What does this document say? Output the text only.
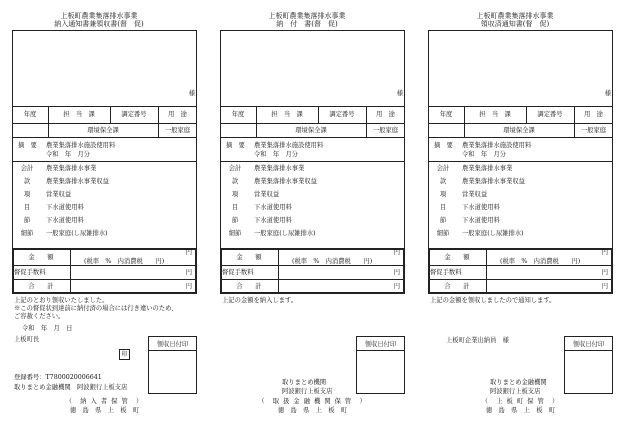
上板町農業集落排水事業
納入通知書兼領収書(督　促)
様
年度	担　当　課	調定番号	用　途
環境保全課	一般家庭
摘　要 農業集落排水施設使用料
令和　年　月分
会計	農業集落排水事業
款	農業集落排水事業収益
項	営業収益
目	下水道使用料
節	下水道使用料
細節	一般家庭(し尿雑排水)
金　　額
円
(税率　%　内消費税　　円)
督促手数料	円
合　　計	円
上記のとおり領収いたしました。
※この督促状到達前に納付済の場合には行き違いのため、
ご容赦ください。
令和　年　月　日
上板町長
領収日付印
（　納 入 者 保 管　）
徳　島　県　上　板　町
印
登録番号：T7800020006641
取りまとめ金融機関　阿波銀行上板支店
上板町農業集落排水事業
納　付　書(督　促)
様
年度	担　当　課	調定番号	用　途
環境保全課	一般家庭
摘　要 農業集落排水施設使用料
令和　年　月分
会計	農業集落排水事業
款	農業集落排水事業収益
項	営業収益
目	下水道使用料
節	下水道使用料
細節	一般家庭(し尿雑排水)
金　　額
円
(税率　%　内消費税　　円)
督促手数料	円
合　　計	円
上記の金額を納入します。
領収日付印
（　取 扱 金 融 機 関 保 管　）
徳　島　県　上　板　町
取りまとめ機関
阿波銀行上板支店
上板町農業集落排水事業
領収済通知書(督　促)
様
年度	担　当　課	調定番号	用　途
環境保全課	一般家庭
摘　要 農業集落排水施設使用料
令和　年　月分
会計	農業集落排水事業
款	農業集落排水事業収益
項	営業収益
目	下水道使用料
節	下水道使用料
細節	一般家庭(し尿雑排水)
金　　額
円
(税率　%　内消費税　　円)
督促手数料	円
合　　計	円
上記の金額を領収しましたので通知します。
領収日付印
（　上 板 町 保 管　）
徳　島　県　上　板　町
取りまとめ金融機関
阿波銀行上板支店
上板町企業出納員　様
